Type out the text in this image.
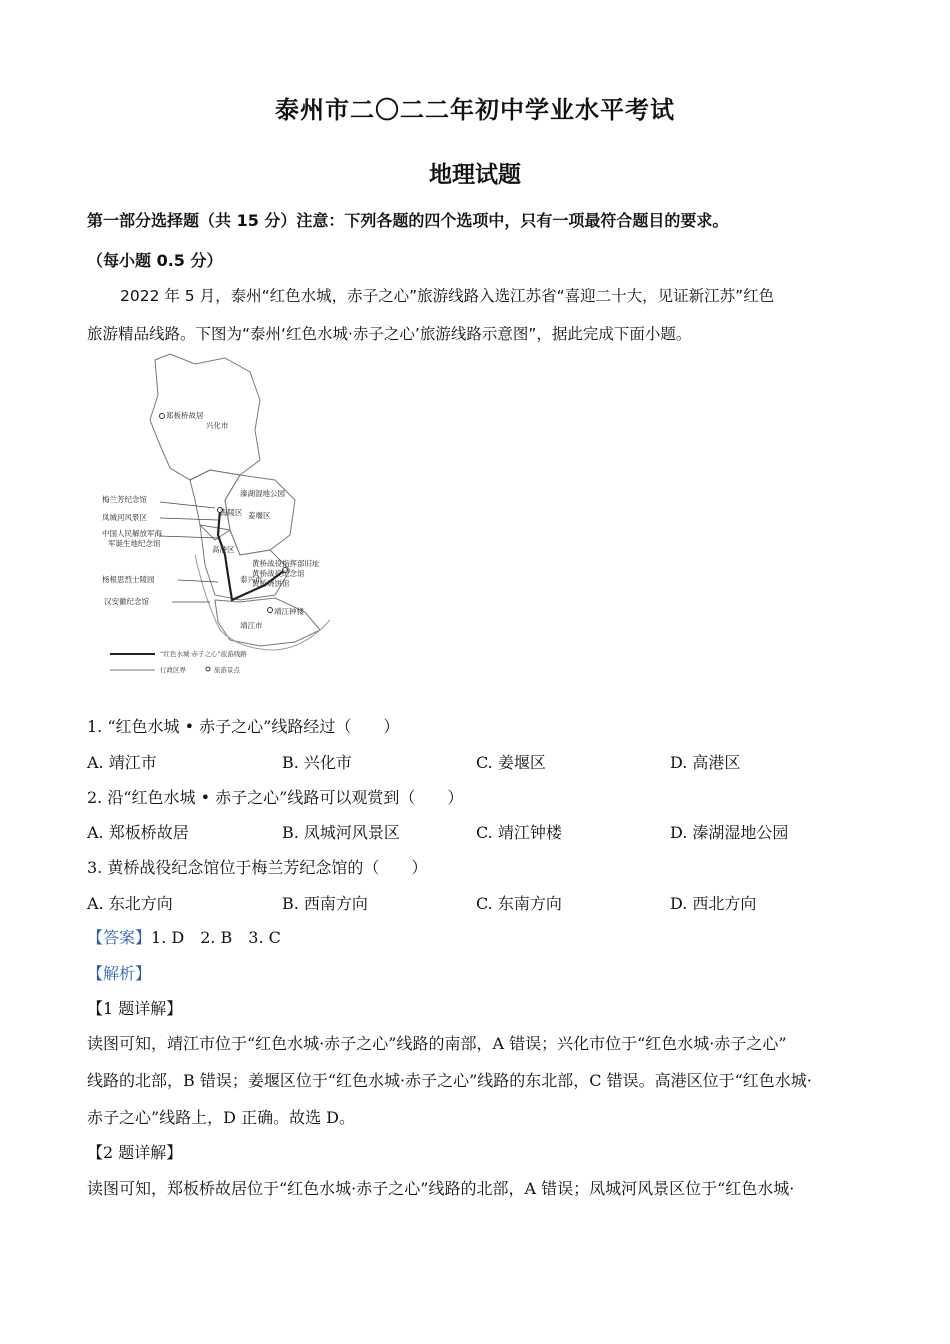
泰州市二〇二二年初中学业水平考试
地理试题
第一部分选择题（共 15 分）注意：下列各题的四个选项中，只有一项最符合题目的要求。
（每小题 0.5 分）
2022 年 5 月，泰州“红色水城，赤子之心”旅游线路入选江苏省“喜迎二十大，见证新江苏”红色
旅游精品线路。下图为“泰州‘红色水城·赤子之心’旅游线路示意图”，据此完成下面小题。
郑板桥故居
兴化市
溱湖湿地公园
姜堰区
梅兰芳纪念馆
凤城河风景区
中国人民解放军海
军诞生地纪念馆
海陵区
高港区
杨根思烈士陵园
黄桥战役指挥部旧址
黄桥战役纪念馆
黄桥烧饼馆
泰兴市
汉安徽纪念馆
靖江市
靖江钟楼
“红色水城·赤子之心”旅游线路
行政区界	旅游景点
1. “红色水城 • 赤子之心”线路经过（　　）
A. 靖江市	B. 兴化市	C. 姜堰区	D. 高港区
2. 沿“红色水城 • 赤子之心”线路可以观赏到（　　）
A. 郑板桥故居	B. 凤城河风景区	C. 靖江钟楼	D. 溱湖湿地公园
3. 黄桥战役纪念馆位于梅兰芳纪念馆的（　　）
A. 东北方向	B. 西南方向	C. 东南方向	D. 西北方向
【答案】1. D　2. B　3. C
【解析】
【1 题详解】
读图可知，靖江市位于“红色水城·赤子之心”线路的南部，A 错误；兴化市位于“红色水城·赤子之心”
线路的北部，B 错误；姜堰区位于“红色水城·赤子之心”线路的东北部，C 错误。高港区位于“红色水城·
赤子之心”线路上，D 正确。故选 D。
【2 题详解】
读图可知，郑板桥故居位于“红色水城·赤子之心”线路的北部，A 错误；凤城河风景区位于“红色水城·
